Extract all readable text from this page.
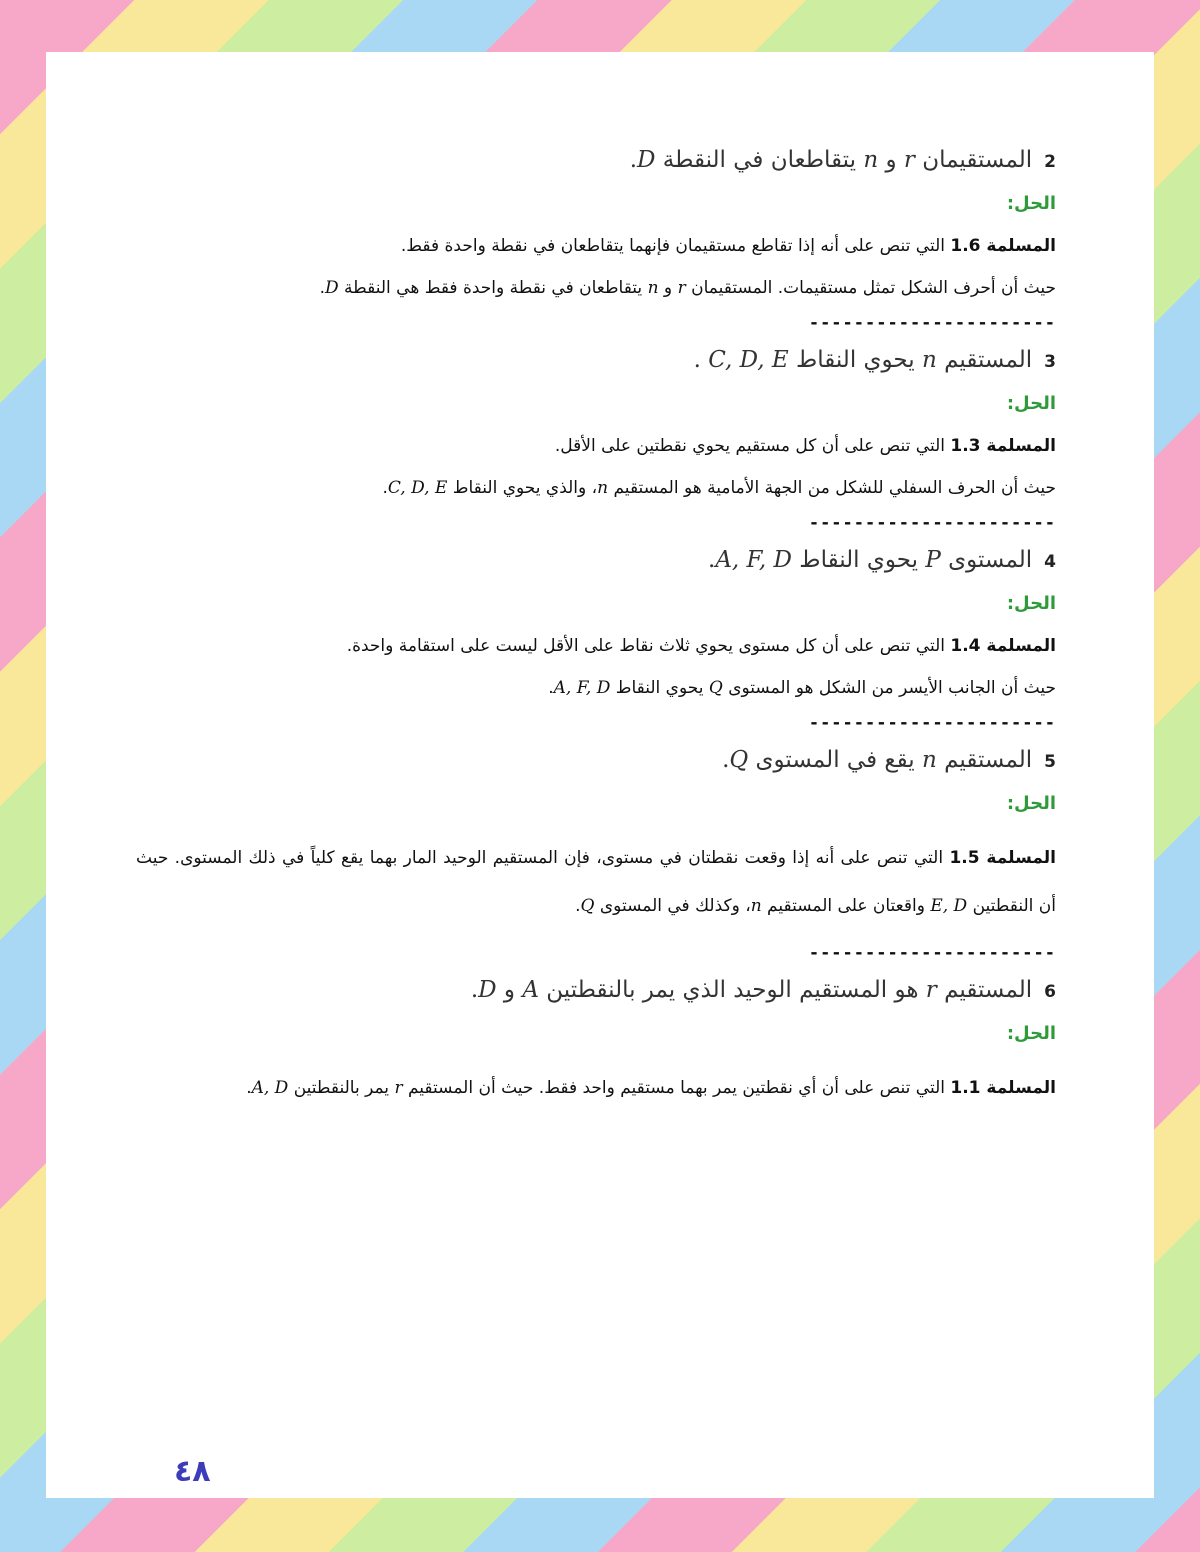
2المستقيمان r و n يتقاطعان في النقطة D.
الحل:
المسلمة 1.6 التي تنص على أنه إذا تقاطع مستقيمان فإنهما يتقاطعان في نقطة واحدة فقط.
حيث أن أحرف الشكل تمثل مستقيمات. المستقيمان r و n يتقاطعان في نقطة واحدة فقط هي النقطة D.
----------------------
3المستقيم n يحوي النقاط C, D, E .
الحل:
المسلمة 1.3 التي تنص على أن كل مستقيم يحوي نقطتين على الأقل.
حيث أن الحرف السفلي للشكل من الجهة الأمامية هو المستقيم n، والذي يحوي النقاط C, D, E.
----------------------
4المستوى P يحوي النقاط A, F, D.
الحل:
المسلمة 1.4 التي تنص على أن كل مستوى يحوي ثلاث نقاط على الأقل ليست على استقامة واحدة.
حيث أن الجانب الأيسر من الشكل هو المستوى Q يحوي النقاط A, F, D.
----------------------
5المستقيم n يقع في المستوى Q.
الحل:
المسلمة 1.5 التي تنص على أنه إذا وقعت نقطتان في مستوى، فإن المستقيم الوحيد المار بهما يقع كلياً في ذلك المستوى. حيث أن النقطتين E, D واقعتان على المستقيم n، وكذلك في المستوى Q.
----------------------
6المستقيم r هو المستقيم الوحيد الذي يمر بالنقطتين A و D.
الحل:
المسلمة 1.1 التي تنص على أن أي نقطتين يمر بهما مستقيم واحد فقط. حيث أن المستقيم r يمر بالنقطتين A, D.
٤٨
